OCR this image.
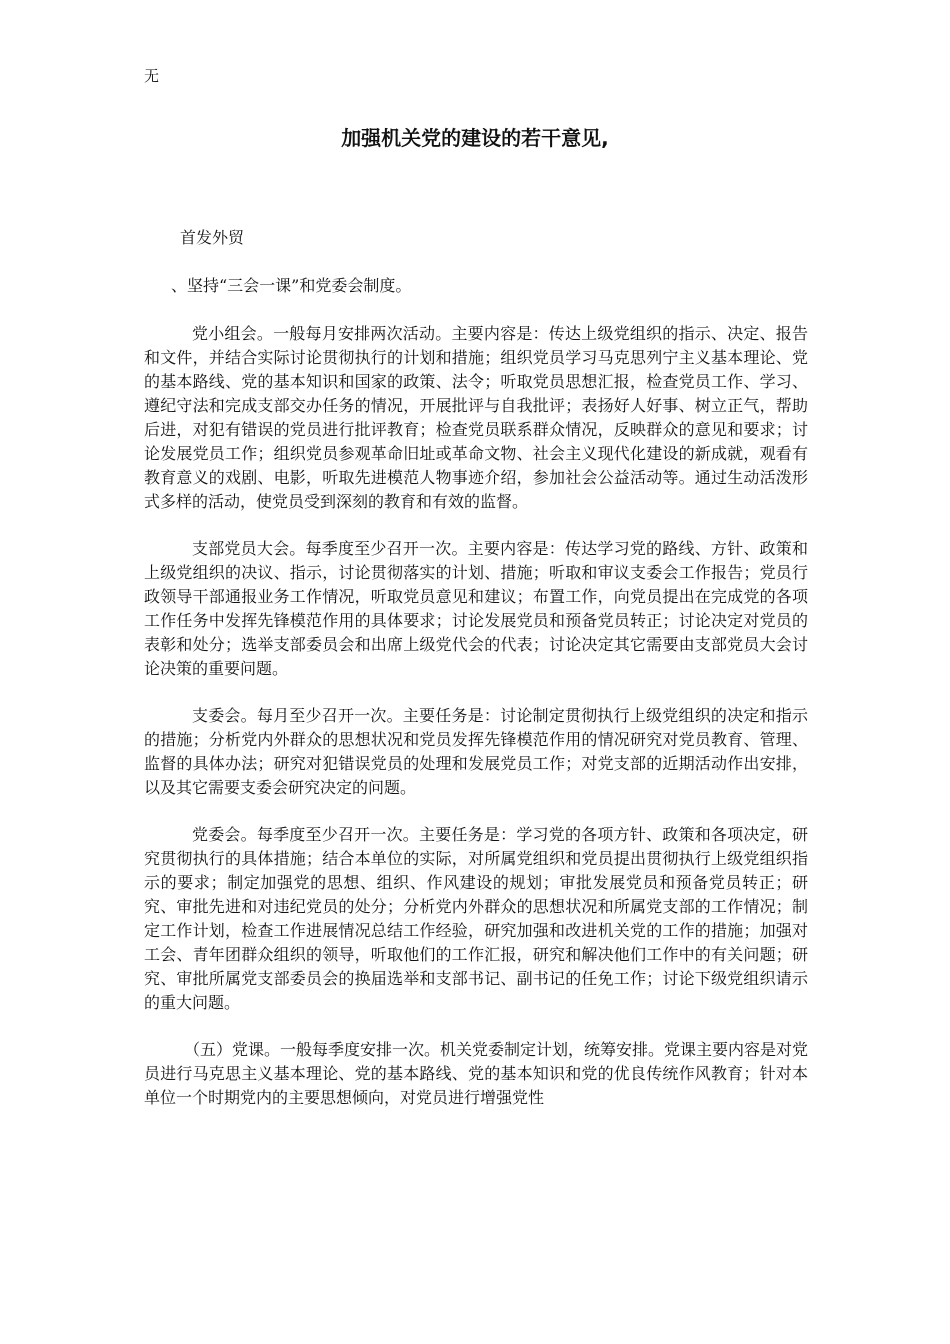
无
加强机关党的建设的若干意见,

首发外贸

、坚持“三会一课”和党委会制度。

党小组会。一般每月安排两次活动。主要内容是：传达上级党组织的指示、决定、报告和文件，并结合实际讨论贯彻执行的计划和措施；组织党员学习马克思列宁主义基本理论、党的基本路线、党的基本知识和国家的政策、法令；听取党员思想汇报，检查党员工作、学习、遵纪守法和完成支部交办任务的情况，开展批评与自我批评；表扬好人好事、树立正气，帮助后进，对犯有错误的党员进行批评教育；检查党员联系群众情况，反映群众的意见和要求；讨论发展党员工作；组织党员参观革命旧址或革命文物、社会主义现代化建设的新成就，观看有教育意义的戏剧、电影，听取先进模范人物事迹介绍，参加社会公益活动等。通过生动活泼形式多样的活动，使党员受到深刻的教育和有效的监督。

支部党员大会。每季度至少召开一次。主要内容是：传达学习党的路线、方针、政策和上级党组织的决议、指示，讨论贯彻落实的计划、措施；听取和审议支委会工作报告；党员行政领导干部通报业务工作情况，听取党员意见和建议；布置工作，向党员提出在完成党的各项工作任务中发挥先锋模范作用的具体要求；讨论发展党员和预备党员转正；讨论决定对党员的表彰和处分；选举支部委员会和出席上级党代会的代表；讨论决定其它需要由支部党员大会讨论决策的重要问题。

支委会。每月至少召开一次。主要任务是：讨论制定贯彻执行上级党组织的决定和指示的措施；分析党内外群众的思想状况和党员发挥先锋模范作用的情况研究对党员教育、管理、监督的具体办法；研究对犯错误党员的处理和发展党员工作；对党支部的近期活动作出安排，以及其它需要支委会研究决定的问题。

党委会。每季度至少召开一次。主要任务是：学习党的各项方针、政策和各项决定，研究贯彻执行的具体措施；结合本单位的实际，对所属党组织和党员提出贯彻执行上级党组织指示的要求；制定加强党的思想、组织、作风建设的规划；审批发展党员和预备党员转正；研究、审批先进和对违纪党员的处分；分析党内外群众的思想状况和所属党支部的工作情况；制定工作计划，检查工作进展情况总结工作经验，研究加强和改进机关党的工作的措施；加强对工会、青年团群众组织的领导，听取他们的工作汇报，研究和解决他们工作中的有关问题；研究、审批所属党支部委员会的换届选举和支部书记、副书记的任免工作；讨论下级党组织请示的重大问题。

（五）党课。一般每季度安排一次。机关党委制定计划，统筹安排。党课主要内容是对党员进行马克思主义基本理论、党的基本路线、党的基本知识和党的优良传统作风教育；针对本单位一个时期党内的主要思想倾向，对党员进行增强党性
